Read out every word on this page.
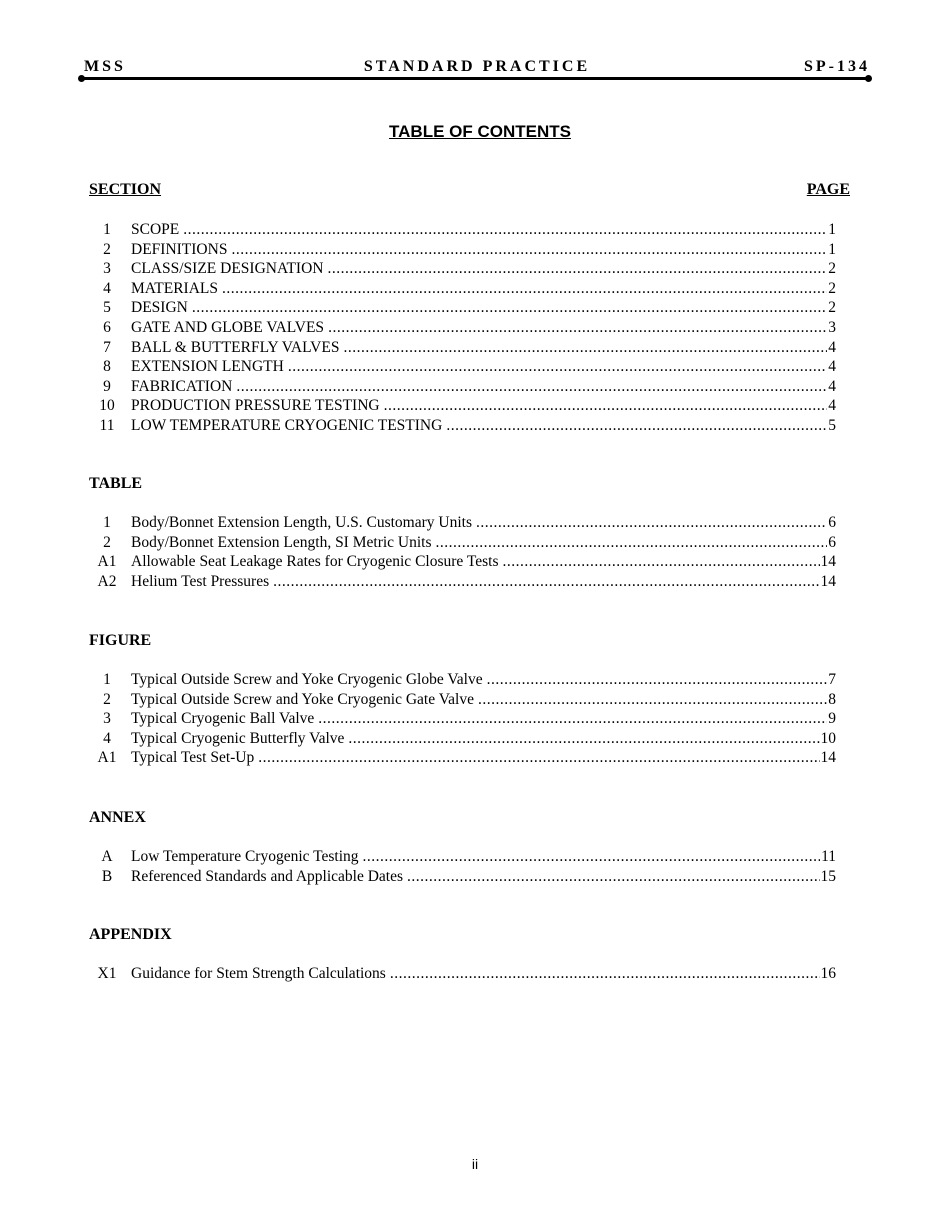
MSS	STANDARD PRACTICE	SP-134
TABLE OF CONTENTS
SECTION	PAGE
1	SCOPE .....	1
2	DEFINITIONS .....	1
3	CLASS/SIZE DESIGNATION .....	2
4	MATERIALS .....	2
5	DESIGN .....	2
6	GATE AND GLOBE VALVES .....	3
7	BALL & BUTTERFLY VALVES .....	4
8	EXTENSION LENGTH .....	4
9	FABRICATION .....	4
10	PRODUCTION PRESSURE TESTING .....	4
11	LOW TEMPERATURE CRYOGENIC TESTING .....	5
TABLE
1	Body/Bonnet Extension Length, U.S. Customary Units .....	6
2	Body/Bonnet Extension Length, SI Metric Units .....	6
A1 Allowable Seat Leakage Rates for Cryogenic Closure Tests .....	14
A2 Helium Test Pressures .....	14
FIGURE
1	Typical Outside Screw and Yoke Cryogenic Globe Valve .....	7
2	Typical Outside Screw and Yoke Cryogenic Gate Valve .....	8
3	Typical Cryogenic Ball Valve .....	9
4	Typical Cryogenic Butterfly Valve .....	10
A1 Typical Test Set-Up .....	14
ANNEX
A	Low Temperature Cryogenic Testing .....	11
B	Referenced Standards and Applicable Dates .....	15
APPENDIX
X1 Guidance for Stem Strength Calculations .....	16
ii
